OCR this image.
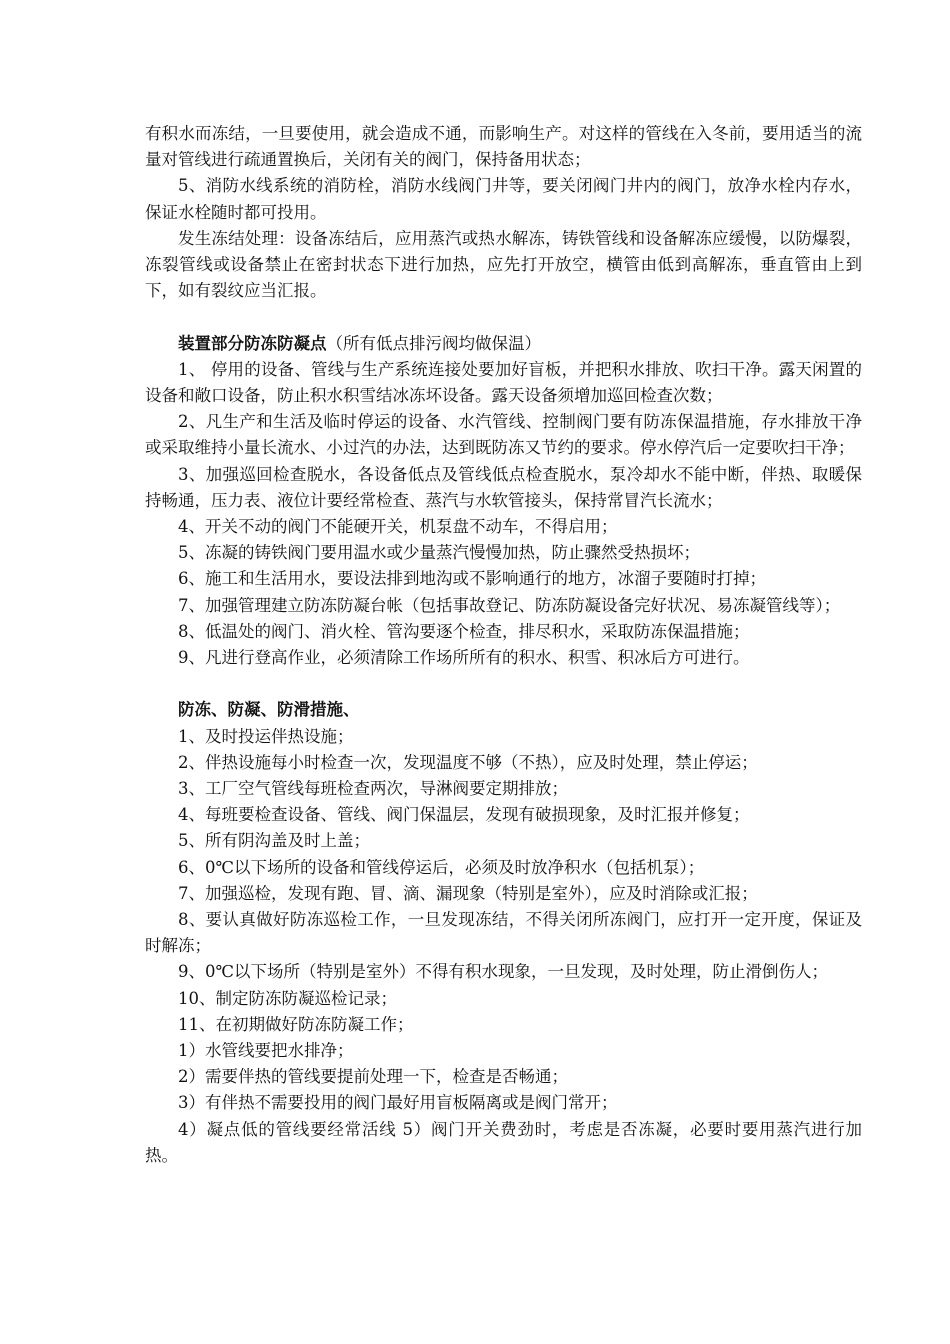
有积水而冻结，一旦要使用，就会造成不通，而影响生产。对这样的管线在入冬前，要用适当的流量对管线进行疏通置换后，关闭有关的阀门，保持备用状态；

5、消防水线系统的消防栓，消防水线阀门井等，要关闭阀门井内的阀门，放净水栓内存水，保证水栓随时都可投用。

发生冻结处理：设备冻结后，应用蒸汽或热水解冻，铸铁管线和设备解冻应缓慢，以防爆裂，冻裂管线或设备禁止在密封状态下进行加热，应先打开放空，横管由低到高解冻，垂直管由上到下，如有裂纹应当汇报。

装置部分防冻防凝点（所有低点排污阀均做保温）

1、 停用的设备、管线与生产系统连接处要加好盲板，并把积水排放、吹扫干净。露天闲置的设备和敞口设备，防止积水积雪结冰冻坏设备。露天设备须增加巡回检查次数；

2、凡生产和生活及临时停运的设备、水汽管线、控制阀门要有防冻保温措施，存水排放干净或采取维持小量长流水、小过汽的办法，达到既防冻又节约的要求。停水停汽后一定要吹扫干净；

3、加强巡回检查脱水，各设备低点及管线低点检查脱水，泵冷却水不能中断，伴热、取暖保持畅通，压力表、液位计要经常检查、蒸汽与水软管接头，保持常冒汽长流水；

4、开关不动的阀门不能硬开关，机泵盘不动车，不得启用；

5、冻凝的铸铁阀门要用温水或少量蒸汽慢慢加热，防止骤然受热损坏；

6、施工和生活用水，要设法排到地沟或不影响通行的地方，冰溜子要随时打掉；

7、加强管理建立防冻防凝台帐（包括事故登记、防冻防凝设备完好状况、易冻凝管线等）；

8、低温处的阀门、消火栓、管沟要逐个检查，排尽积水，采取防冻保温措施；

9、凡进行登高作业，必须清除工作场所所有的积水、积雪、积冰后方可进行。

防冻、防凝、防滑措施、

1、及时投运伴热设施；

2、伴热设施每小时检查一次，发现温度不够（不热），应及时处理，禁止停运；

3、工厂空气管线每班检查两次，导淋阀要定期排放；

4、每班要检查设备、管线、阀门保温层，发现有破损现象，及时汇报并修复；

5、所有阴沟盖及时上盖；

6、0℃以下场所的设备和管线停运后，必须及时放净积水（包括机泵）；

7、加强巡检，发现有跑、冒、滴、漏现象（特别是室外），应及时消除或汇报；

8、要认真做好防冻巡检工作，一旦发现冻结，不得关闭所冻阀门，应打开一定开度，保证及时解冻；

9、0℃以下场所（特别是室外）不得有积水现象，一旦发现，及时处理，防止滑倒伤人；

10、制定防冻防凝巡检记录；

11、在初期做好防冻防凝工作；

1）水管线要把水排净；

2）需要伴热的管线要提前处理一下，检查是否畅通；

3）有伴热不需要投用的阀门最好用盲板隔离或是阀门常开；

4）凝点低的管线要经常活线 5）阀门开关费劲时，考虑是否冻凝，必要时要用蒸汽进行加热。
